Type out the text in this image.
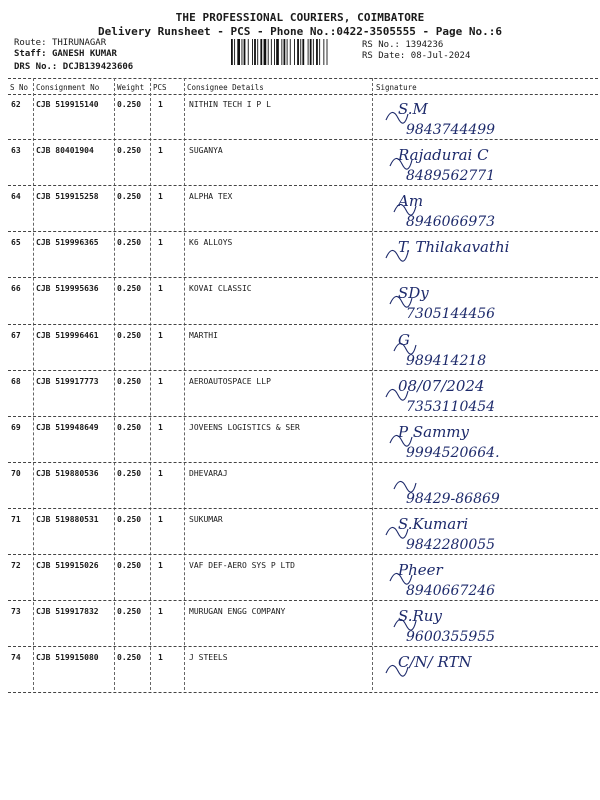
THE PROFESSIONAL COURIERS, COIMBATORE
Delivery Runsheet - PCS - Phone No.:0422-3505555 - Page No.:6
Route: THIRUNAGAR
Staff: GANESH KUMAR
DRS No.: DCJB139423606
RS No.: 1394236
RS Date: 08-Jul-2024
S No Consignment No Weight PCS	Consignee Details	Signature
62 CJB 519915140 0.250 1	NITHIN TECH I P L	S.M
9843744499
63 CJB 80401904	0.250 1	SUGANYA	Rajadurai C
8489562771
64 CJB 519915258 0.250 1	ALPHA TEX	Am
8946066973
65 CJB 519996365 0.250 1	K6 ALLOYS	T. Thilakavathi
66 CJB 519995636 0.250 1	KOVAI CLASSIC	SDy
7305144456
67 CJB 519996461 0.250 1	MARTHI	G
989414218
68 CJB 519917773 0.250 1	AEROAUTOSPACE LLP	08/07/2024
7353110454
69 CJB 519948649 0.250 1	JOVEENS LOGISTICS & SER	P Sammy
9994520664.
70 CJB 519880536 0.250 1	DHEVARAJ
98429-86869
71 CJB 519880531 0.250 1	SUKUMAR	S.Kumari
9842280055
72 CJB 519915026 0.250 1	VAF DEF-AERO SYS P LTD	Pheer
8940667246
73 CJB 519917832 0.250 1	MURUGAN ENGG COMPANY	S.Ruy
9600355955
74 CJB 519915080 0.250 1	J STEELS	C/N/ RTN
